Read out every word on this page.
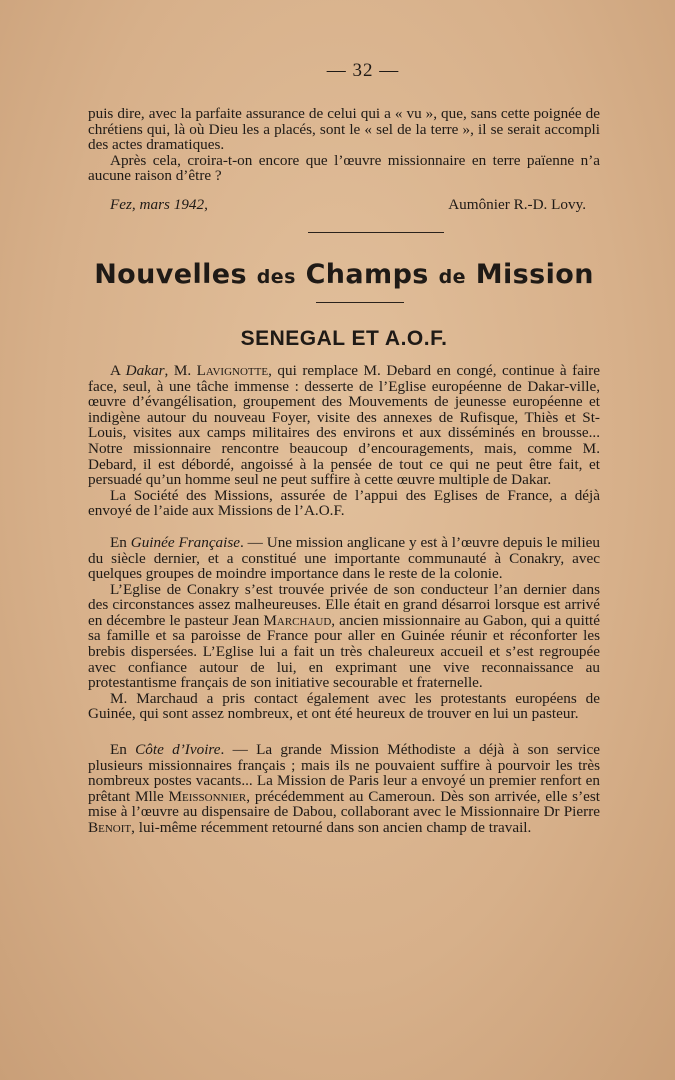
— 32 —

puis dire, avec la parfaite assurance de celui qui a « vu », que, sans cette poignée de chrétiens qui, là où Dieu les a placés, sont le « sel de la terre », il se serait accompli des actes dramatiques.

Après cela, croira-t-on encore que l’œuvre missionnaire en terre païenne n’a aucune raison d’être ?

Fez, mars 1942,	Aumônier R.-D. Lovy.
Nouvelles des Champs de Mission
SENEGAL ET A.O.F.

A Dakar, M. Lavignotte, qui remplace M. Debard en congé, continue à faire face, seul, à une tâche immense : desserte de l’Eglise européenne de Dakar-ville, œuvre d’évangélisation, groupement des Mouvements de jeunesse européenne et indigène autour du nouveau Foyer, visite des annexes de Rufisque, Thiès et St-Louis, visites aux camps militaires des environs et aux disséminés en brousse... Notre missionnaire rencontre beaucoup d’encouragements, mais, comme M. Debard, il est débordé, angoissé à la pensée de tout ce qui ne peut être fait, et persuadé qu’un homme seul ne peut suffire à cette œuvre multiple de Dakar.

La Société des Missions, assurée de l’appui des Eglises de France, a déjà envoyé de l’aide aux Missions de l’A.O.F.

En Guinée Française. — Une mission anglicane y est à l’œuvre depuis le milieu du siècle dernier, et a constitué une importante communauté à Conakry, avec quelques groupes de moindre importance dans le reste de la colonie.

L’Eglise de Conakry s’est trouvée privée de son conducteur l’an dernier dans des circonstances assez malheureuses. Elle était en grand désarroi lorsque est arrivé en décembre le pasteur Jean Marchaud, ancien missionnaire au Gabon, qui a quitté sa famille et sa paroisse de France pour aller en Guinée réunir et réconforter les brebis dispersées. L’Eglise lui a fait un très chaleureux accueil et s’est regroupée avec confiance autour de lui, en exprimant une vive reconnaissance au protestantisme français de son initiative secourable et fraternelle.

M. Marchaud a pris contact également avec les protestants européens de Guinée, qui sont assez nombreux, et ont été heureux de trouver en lui un pasteur.

En Côte d’Ivoire. — La grande Mission Méthodiste a déjà à son service plusieurs missionnaires français ; mais ils ne pouvaient suffire à pourvoir les très nombreux postes vacants... La Mission de Paris leur a envoyé un premier renfort en prêtant Mlle Meissonnier, précédemment au Cameroun. Dès son arrivée, elle s’est mise à l’œuvre au dispensaire de Dabou, collaborant avec le Missionnaire Dr Pierre Benoit, lui-même récemment retourné dans son ancien champ de travail.
